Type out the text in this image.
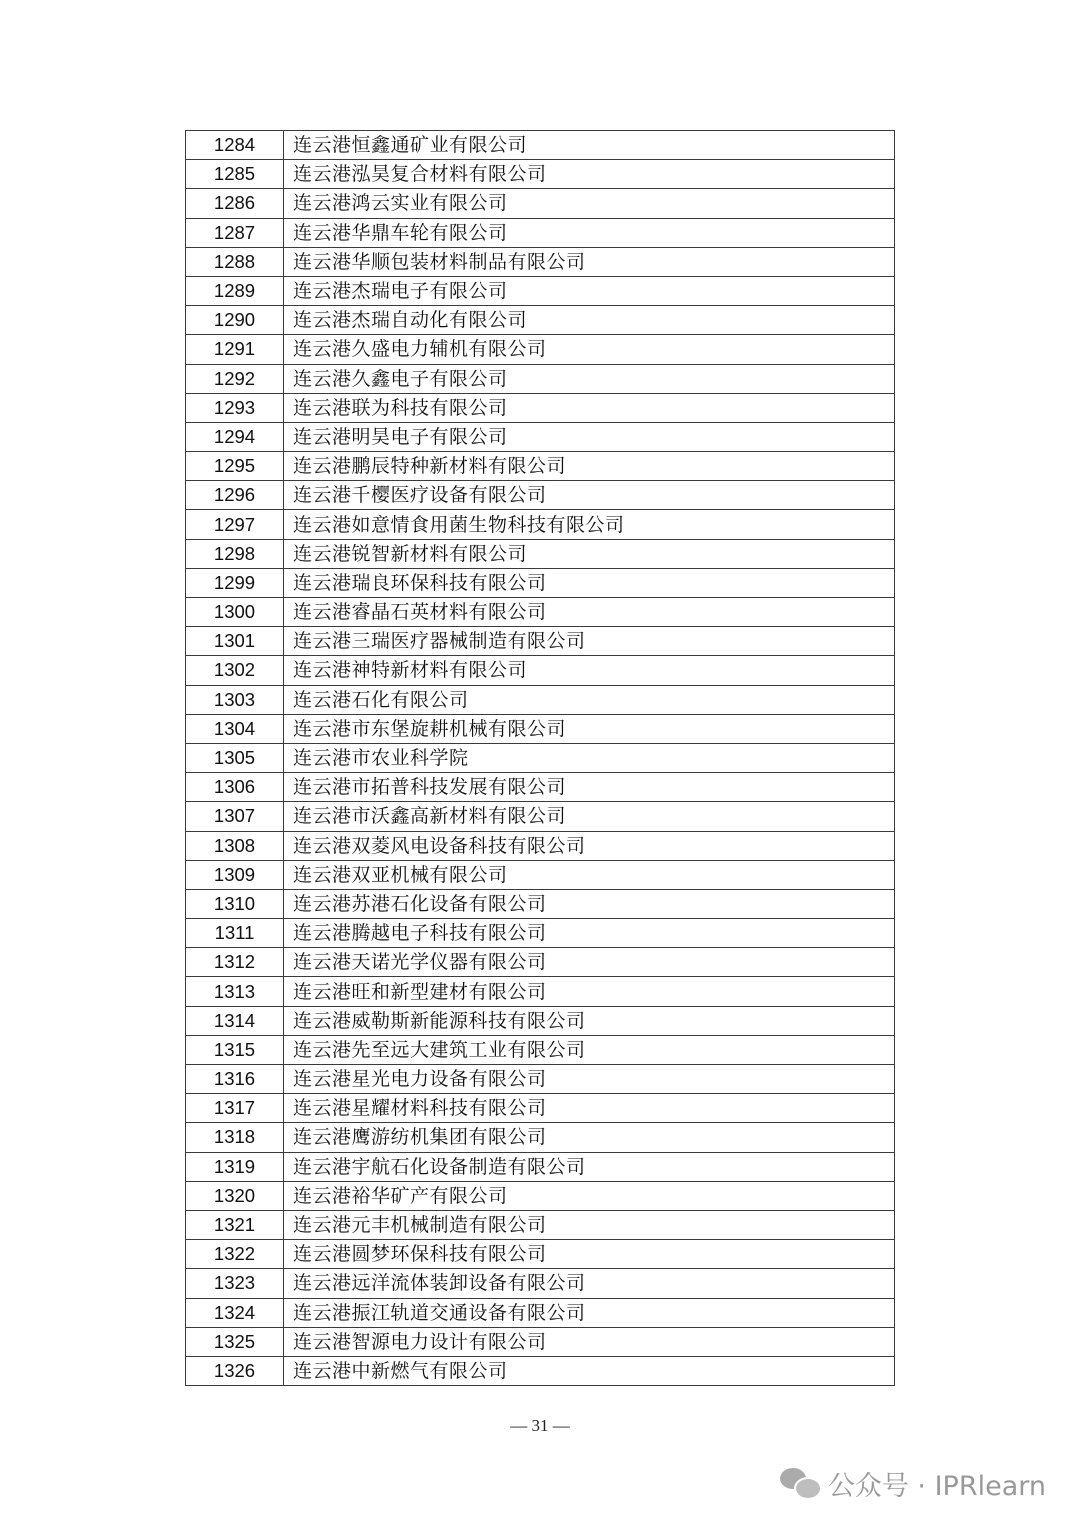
1284	连云港恒鑫通矿业有限公司
1285	连云港泓昊复合材料有限公司
1286	连云港鸿云实业有限公司
1287	连云港华鼎车轮有限公司
1288	连云港华顺包装材料制品有限公司
1289	连云港杰瑞电子有限公司
1290	连云港杰瑞自动化有限公司
1291	连云港久盛电力辅机有限公司
1292	连云港久鑫电子有限公司
1293	连云港联为科技有限公司
1294	连云港明昊电子有限公司
1295	连云港鹏辰特种新材料有限公司
1296	连云港千樱医疗设备有限公司
1297	连云港如意情食用菌生物科技有限公司
1298	连云港锐智新材料有限公司
1299	连云港瑞良环保科技有限公司
1300	连云港睿晶石英材料有限公司
1301	连云港三瑞医疗器械制造有限公司
1302	连云港神特新材料有限公司
1303	连云港石化有限公司
1304	连云港市东堡旋耕机械有限公司
1305	连云港市农业科学院
1306	连云港市拓普科技发展有限公司
1307	连云港市沃鑫高新材料有限公司
1308	连云港双菱风电设备科技有限公司
1309	连云港双亚机械有限公司
1310	连云港苏港石化设备有限公司
1311	连云港腾越电子科技有限公司
1312	连云港天诺光学仪器有限公司
1313	连云港旺和新型建材有限公司
1314	连云港威勒斯新能源科技有限公司
1315	连云港先至远大建筑工业有限公司
1316	连云港星光电力设备有限公司
1317	连云港星耀材料科技有限公司
1318	连云港鹰游纺机集团有限公司
1319	连云港宇航石化设备制造有限公司
1320	连云港裕华矿产有限公司
1321	连云港元丰机械制造有限公司
1322	连云港圆梦环保科技有限公司
1323	连云港远洋流体装卸设备有限公司
1324	连云港振江轨道交通设备有限公司
1325	连云港智源电力设计有限公司
1326	连云港中新燃气有限公司
— 31 —
公众号 · IPRlearn
